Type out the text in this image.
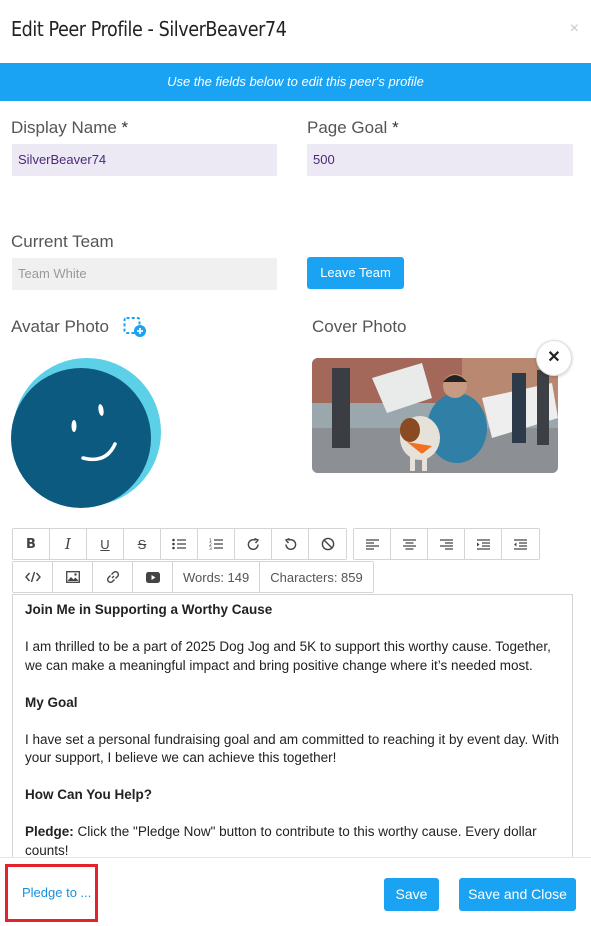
Edit Peer Profile - SilverBeaver74	×
Use the fields below to edit this peer's profile
Display Name *
SilverBeaver74
Page Goal *
500
Current Team
Team White	Leave Team
Avatar Photo	Cover Photo
✕
B I U S	1
2
3
Words: 149	Characters: 859

Join Me in Supporting a Worthy Cause

I am thrilled to be a part of 2025 Dog Jog and 5K to support this worthy cause. Together, we can make a meaningful impact and bring positive change where it’s needed most.

My Goal

I have set a personal fundraising goal and am committed to reaching it by event day. With your support, I believe we can achieve this together!

How Can You Help?

Pledge: Click the "Pledge Now" button to contribute to this worthy cause. Every dollar counts!

Pledge to ...	Save	Save and Close
